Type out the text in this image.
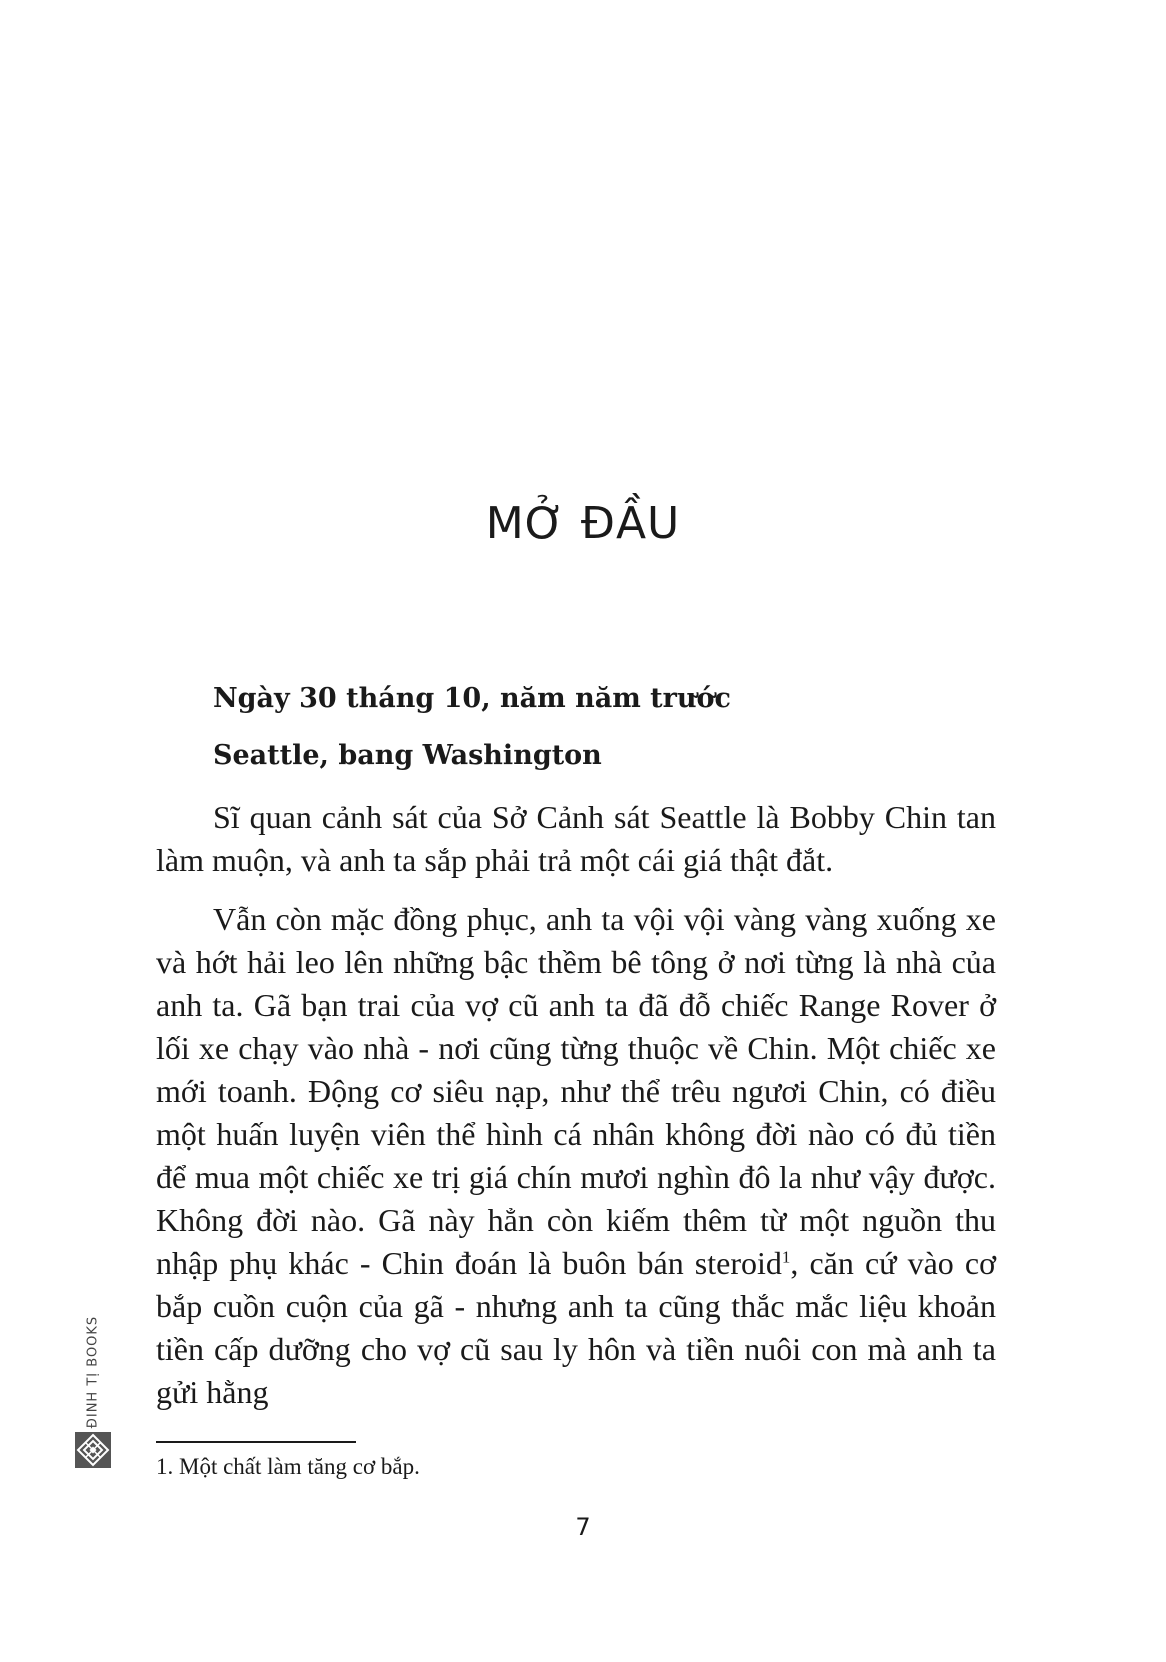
MỞ ĐẦU

Ngày 30 tháng 10, năm năm trước

Seattle, bang Washington

Sĩ quan cảnh sát của Sở Cảnh sát Seattle là Bobby Chin tan làm muộn, và anh ta sắp phải trả một cái giá thật đắt.

Vẫn còn mặc đồng phục, anh ta vội vội vàng vàng xuống xe và hớt hải leo lên những bậc thềm bê tông ở nơi từng là nhà của anh ta. Gã bạn trai của vợ cũ anh ta đã đỗ chiếc Range Rover ở lối xe chạy vào nhà - nơi cũng từng thuộc về Chin. Một chiếc xe mới toanh. Động cơ siêu nạp, như thể trêu ngươi Chin, có điều một huấn luyện viên thể hình cá nhân không đời nào có đủ tiền để mua một chiếc xe trị giá chín mươi nghìn đô la như vậy được. Không đời nào. Gã này hẳn còn kiếm thêm từ một nguồn thu nhập phụ khác - Chin đoán là buôn bán steroid$^1$, căn cứ vào cơ bắp cuồn cuộn của gã - nhưng anh ta cũng thắc mắc liệu khoản tiền cấp dưỡng cho vợ cũ sau ly hôn và tiền nuôi con mà anh ta gửi hằng

1. Một chất làm tăng cơ bắp.

7

ĐINH TỊ BOOKS
